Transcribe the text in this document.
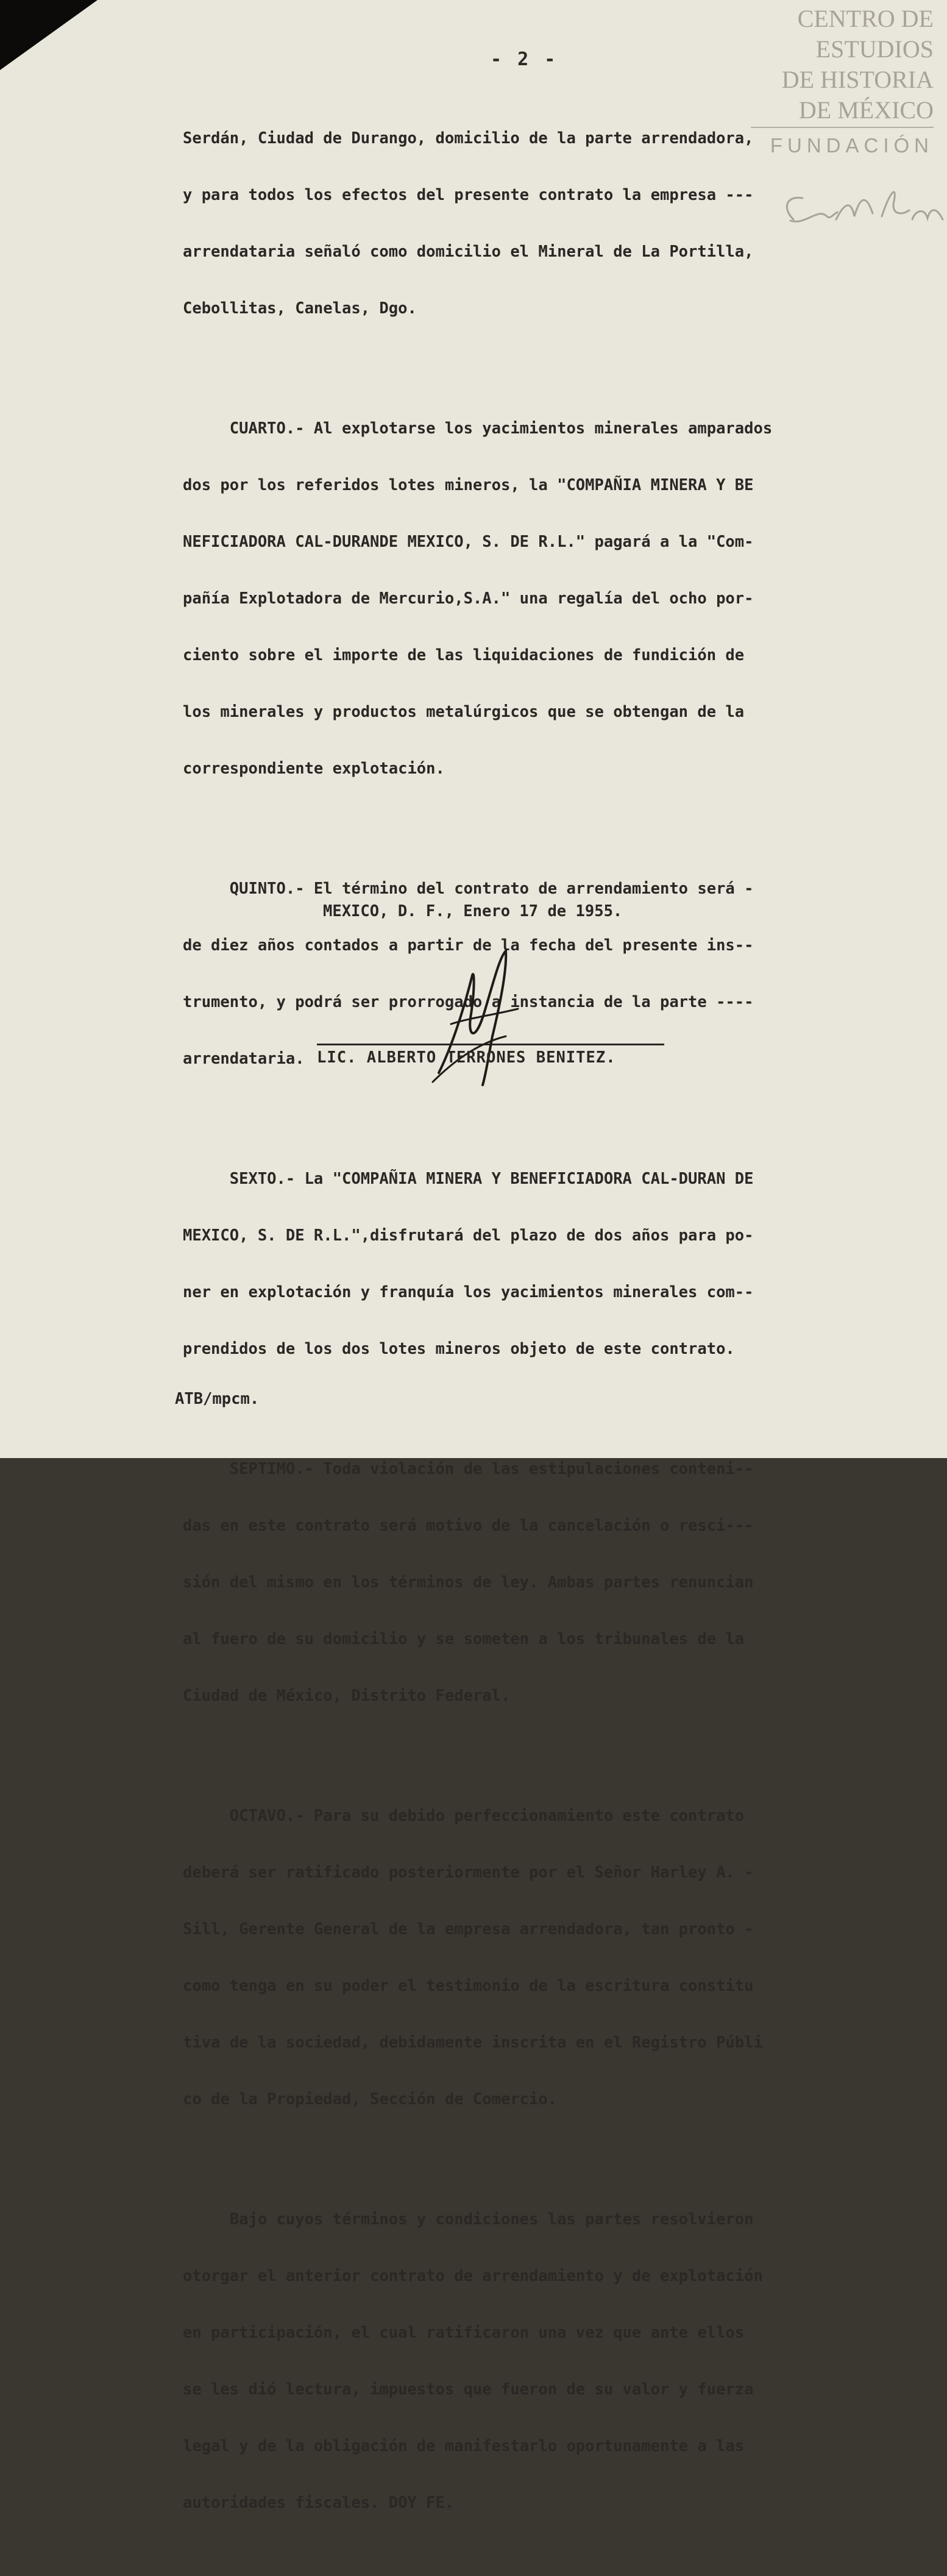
CENTRO DE
ESTUDIOS
DE HISTORIA
DE MÉXICO
FUNDACIÓN
- 2 -

Serdán, Ciudad de Durango, domicilio de la parte arrendadora,

y para todos los efectos del presente contrato la empresa ---

arrendataria señaló como domicilio el Mineral de La Portilla,

Cebollitas, Canelas, Dgo.

CUARTO.- Al explotarse los yacimientos minerales amparados

dos por los referidos lotes mineros, la "COMPAÑIA MINERA Y BE

NEFICIADORA CAL-DURANDE MEXICO, S. DE R.L." pagará a la "Com-

pañía Explotadora de Mercurio,S.A." una regalía del ocho por-

ciento sobre el importe de las liquidaciones de fundición de

los minerales y productos metalúrgicos que se obtengan de la

correspondiente explotación.

QUINTO.- El término del contrato de arrendamiento será -

de diez años contados a partir de la fecha del presente ins--

trumento, y podrá ser prorrogado a instancia de la parte ----

arrendataria.

SEXTO.- La "COMPAÑIA MINERA Y BENEFICIADORA CAL-DURAN DE

MEXICO, S. DE R.L.",disfrutará del plazo de dos años para po-

ner en explotación y franquía los yacimientos minerales com--

prendidos de los dos lotes mineros objeto de este contrato.

SEPTIMO.- Toda violación de las estipulaciones conteni--

das en este contrato será motivo de la cancelación o resci---

sión del mismo en los términos de ley. Ambas partes renuncian

al fuero de su domicilio y se someten a los tribunales de la

Ciudad de México, Distrito Federal.

OCTAVO.- Para su debido perfeccionamiento este contrato

deberá ser ratificado posteriormente por el Señor Harley A. -

Sill, Gerente General de la empresa arrendadora, tan pronto -

como tenga en su poder el testimonio de la escritura constitu

tiva de la sociedad, debidamente inscrita en el Registro Públi

co de la Propiedad, Sección de Comercio.

Bajo cuyos términos y condiciones las partes resolvieron

otorgar el anterior contrato de arrendamiento y de explotación

en participación, el cual ratificaron una vez que ante ellos

se les dió lectura, impuestos que fueron de su valor y fuerza

legal y de la obligación de manifestarlo oportunamente a las

autoridades fiscales. DOY FE.

MEXICO, D. F., Enero 17 de 1955.
LIC. ALBERTO TERRONES BENITEZ.
ATB/mpcm.
